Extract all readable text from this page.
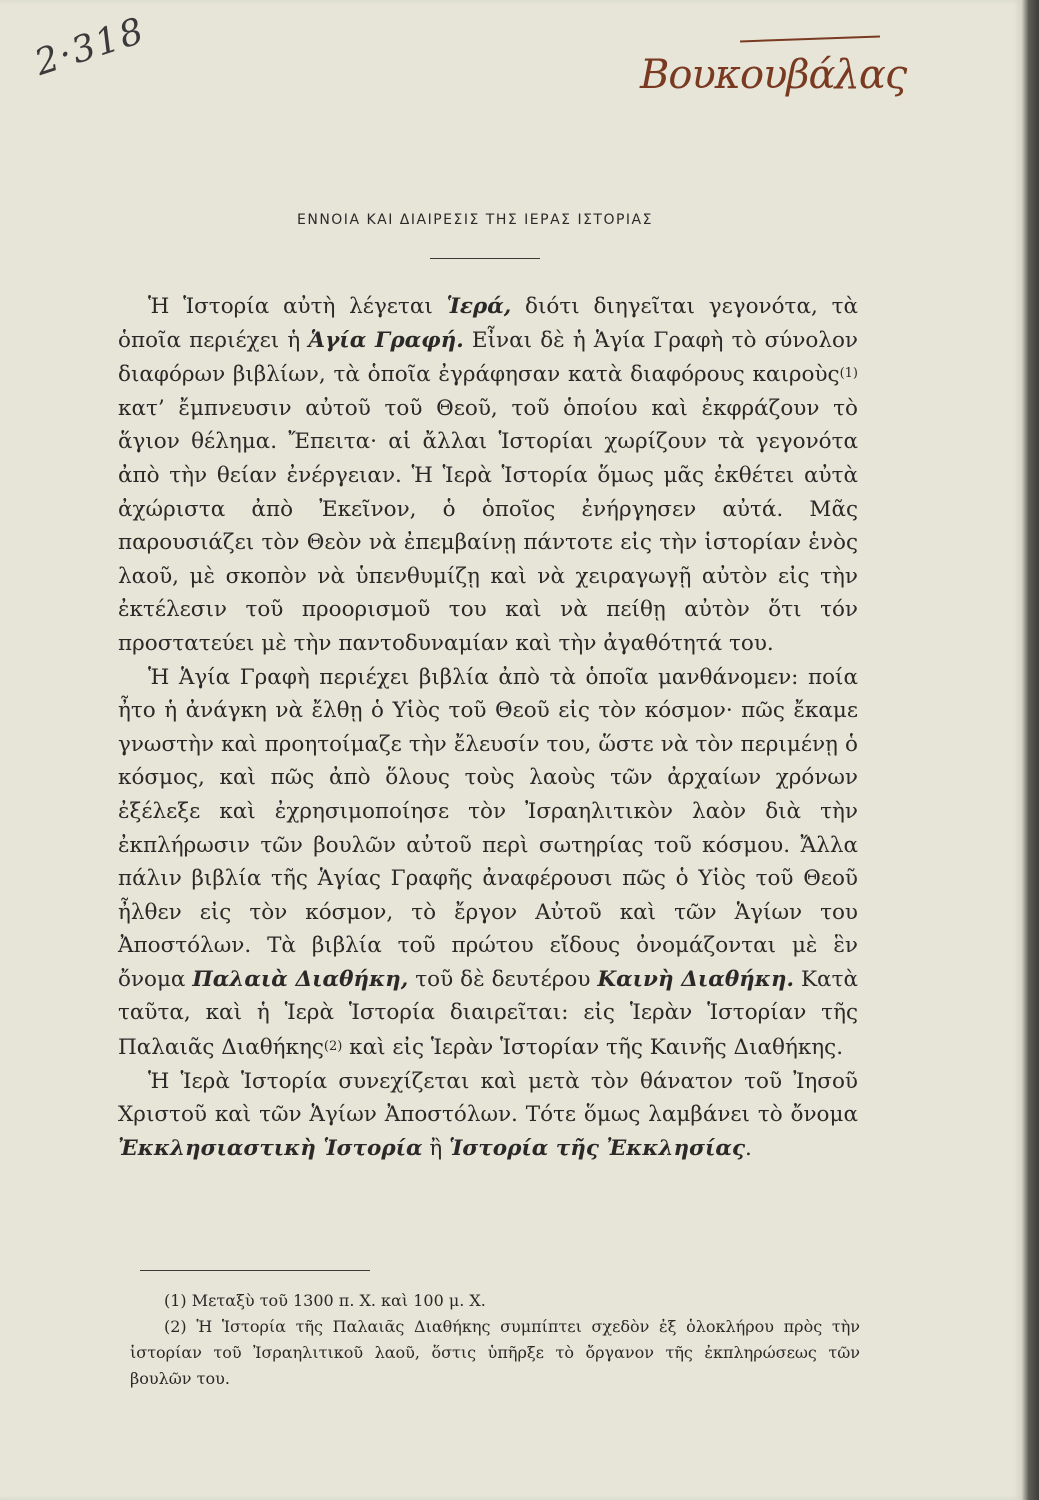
2·318	Βουκουβάλας
ΕΝΝΟΙΑ ΚΑΙ ΔΙΑΙΡΕΣΙΣ ΤΗΣ ΙΕΡΑΣ ΙΣΤΟΡΙΑΣ

Ἡ Ἱστορία αὐτὴ λέγεται Ἱερά, διότι διηγεῖται γεγονότα, τὰ ὁποῖα περιέχει ἡ Ἁγία Γραφή. Εἶναι δὲ ἡ Ἁγία Γραφὴ τὸ σύνολον διαφόρων βιβλίων, τὰ ὁποῖα ἐγράφησαν κατὰ διαφόρους καιροὺς$^{(1)}$ κατ’ ἔμπνευσιν αὐτοῦ τοῦ Θεοῦ, τοῦ ὁποίου καὶ ἐκφράζουν τὸ ἅγιον θέλημα. Ἔπειτα· αἱ ἄλλαι Ἱστορίαι χωρίζουν τὰ γεγονότα ἀπὸ τὴν θείαν ἐνέργειαν. Ἡ Ἱερὰ Ἱστορία ὅμως μᾶς ἐκθέτει αὐτὰ ἀχώριστα ἀπὸ Ἐκεῖνον, ὁ ὁποῖος ἐνήργησεν αὐτά. Μᾶς παρουσιάζει τὸν Θεὸν νὰ ἐπεμβαίνῃ πάντοτε εἰς τὴν ἱστορίαν ἑνὸς λαοῦ, μὲ σκοπὸν νὰ ὑπενθυμίζῃ καὶ νὰ χειραγωγῇ αὐτὸν εἰς τὴν ἐκτέλεσιν τοῦ προορισμοῦ του καὶ νὰ πείθῃ αὐτὸν ὅτι τόν προστατεύει μὲ τὴν παντοδυναμίαν καὶ τὴν ἀγαθότητά του.

Ἡ Ἁγία Γραφὴ περιέχει βιβλία ἀπὸ τὰ ὁποῖα μανθάνομεν: ποία ἦτο ἡ ἀνάγκη νὰ ἔλθῃ ὁ Υἱὸς τοῦ Θεοῦ εἰς τὸν κόσμον· πῶς ἔκαμε γνωστὴν καὶ προητοίμαζε τὴν ἔλευσίν του, ὥστε νὰ τὸν περιμένῃ ὁ κόσμος, καὶ πῶς ἀπὸ ὅλους τοὺς λαοὺς τῶν ἀρχαίων χρόνων ἐξέλεξε καὶ ἐχρησιμοποίησε τὸν Ἰσραηλιτικὸν λαὸν διὰ τὴν ἐκπλήρωσιν τῶν βουλῶν αὐτοῦ περὶ σωτηρίας τοῦ κόσμου. Ἄλλα πάλιν βιβλία τῆς Ἁγίας Γραφῆς ἀναφέρουσι πῶς ὁ Υἱὸς τοῦ Θεοῦ ἦλθεν εἰς τὸν κόσμον, τὸ ἔργον Αὐτοῦ καὶ τῶν Ἁγίων του Ἀποστόλων. Τὰ βιβλία τοῦ πρώτου εἴδους ὀνομάζονται μὲ ἓν ὄνομα Παλαιὰ Διαθήκη, τοῦ δὲ δευτέρου Καινὴ Διαθήκη. Κατὰ ταῦτα, καὶ ἡ Ἱερὰ Ἱστορία διαιρεῖται: εἰς Ἱερὰν Ἱστορίαν τῆς Παλαιᾶς Διαθήκης$^{(2)}$ καὶ εἰς Ἱερὰν Ἱστορίαν τῆς Καινῆς Διαθήκης.

Ἡ Ἱερὰ Ἱστορία συνεχίζεται καὶ μετὰ τὸν θάνατον τοῦ Ἰησοῦ Χριστοῦ καὶ τῶν Ἁγίων Ἀποστόλων. Τότε ὅμως λαμβάνει τὸ ὄνομα Ἐκκλησιαστικὴ Ἱστορία ἢ Ἱστορία τῆς Ἐκκλησίας.

(1) Μεταξὺ τοῦ 1300 π. Χ. καὶ 100 μ. Χ.

(2) Ἡ Ἱστορία τῆς Παλαιᾶς Διαθήκης συμπίπτει σχεδὸν ἐξ ὁλοκλήρου πρὸς τὴν ἱστορίαν τοῦ Ἰσραηλιτικοῦ λαοῦ, ὅστις ὑπῆρξε τὸ ὄργανον τῆς ἐκπληρώσεως τῶν βουλῶν του.
